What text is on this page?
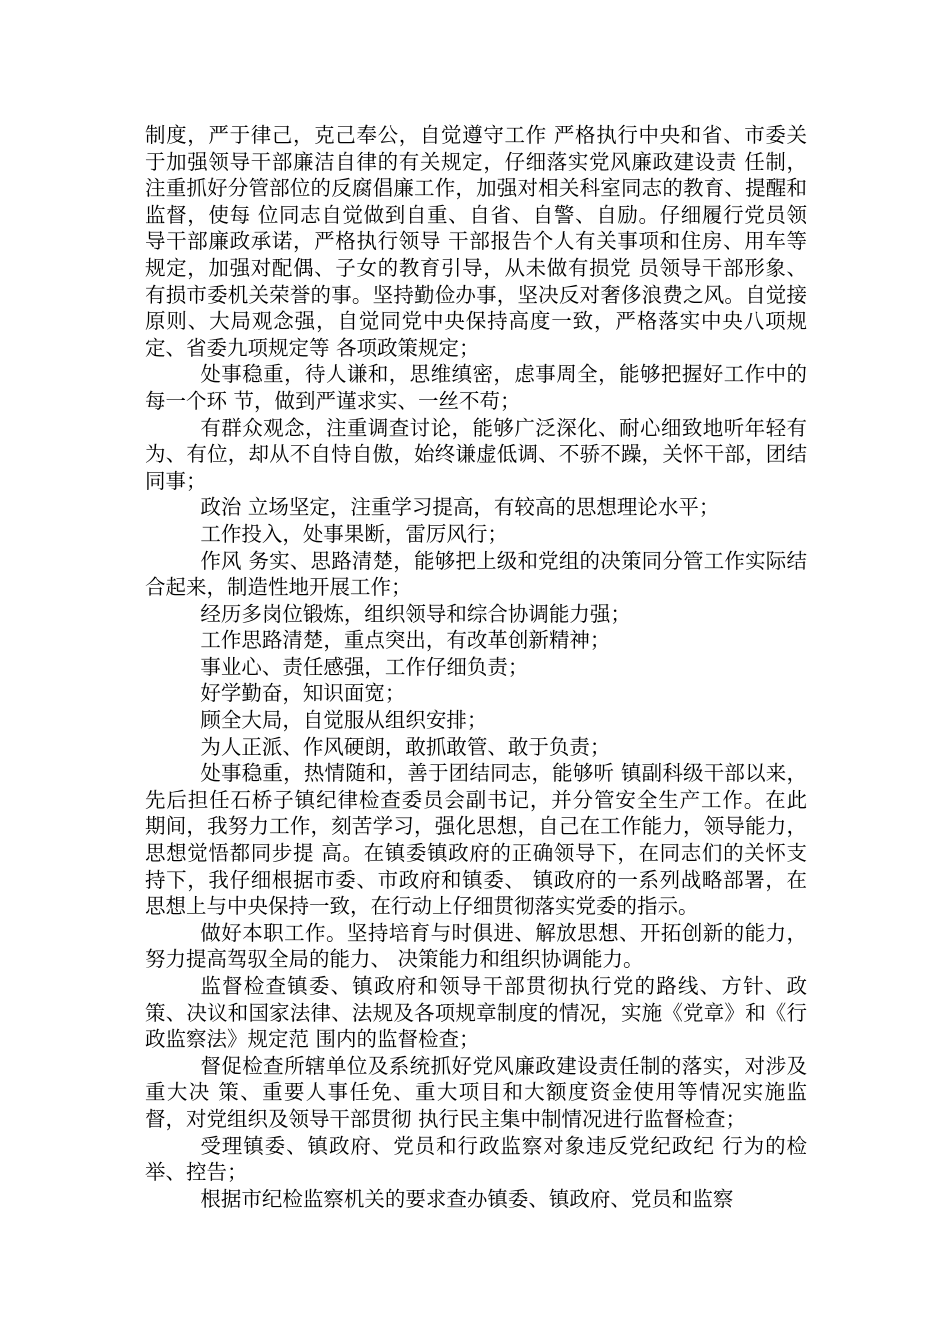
制度，严于律己，克己奉公，自觉遵守工作 严格执行中央和省、市委关于加强领导干部廉洁自律的有关规定，仔细落实党风廉政建设责 任制，注重抓好分管部位的反腐倡廉工作，加强对相关科室同志的教育、提醒和监督，使每 位同志自觉做到自重、自省、自警、自励。仔细履行党员领导干部廉政承诺，严格执行领导 干部报告个人有关事项和住房、用车等规定，加强对配偶、子女的教育引导，从未做有损党 员领导干部形象、有损市委机关荣誉的事。坚持勤俭办事，坚决反对奢侈浪费之风。自觉接 原则、大局观念强，自觉同党中央保持高度一致，严格落实中央八项规定、省委九项规定等 各项政策规定；

处事稳重，待人谦和，思维缜密，虑事周全，能够把握好工作中的每一个环 节，做到严谨求实、一丝不苟；

有群众观念，注重调查讨论，能够广泛深化、耐心细致地听年轻有为、有位，却从不自恃自傲，始终谦虚低调、不骄不躁，关怀干部，团结同事；

政治 立场坚定，注重学习提高，有较高的思想理论水平；

工作投入，处事果断，雷厉风行；

作风 务实、思路清楚，能够把上级和党组的决策同分管工作实际结合起来，制造性地开展工作；

经历多岗位锻炼，组织领导和综合协调能力强；

工作思路清楚，重点突出，有改革创新精神；

事业心、责任感强，工作仔细负责；

好学勤奋，知识面宽；

顾全大局，自觉服从组织安排；

为人正派、作风硬朗，敢抓敢管、敢于负责；

处事稳重，热情随和，善于团结同志，能够听 镇副科级干部以来，先后担任石桥子镇纪律检查委员会副书记，并分管安全生产工作。在此 期间，我努力工作，刻苦学习，强化思想，自己在工作能力，领导能力，思想觉悟都同步提 高。在镇委镇政府的正确领导下，在同志们的关怀支持下，我仔细根据市委、市政府和镇委、 镇政府的一系列战略部署，在思想上与中央保持一致，在行动上仔细贯彻落实党委的指示。

做好本职工作。坚持培育与时俱进、解放思想、开拓创新的能力，努力提高驾驭全局的能力、 决策能力和组织协调能力。

监督检查镇委、镇政府和领导干部贯彻执行党的路线、方针、政 策、决议和国家法律、法规及各项规章制度的情况，实施《党章》和《行政监察法》规定范 围内的监督检查；

督促检查所辖单位及系统抓好党风廉政建设责任制的落实，对涉及重大决 策、重要人事任免、重大项目和大额度资金使用等情况实施监督，对党组织及领导干部贯彻 执行民主集中制情况进行监督检查；

受理镇委、镇政府、党员和行政监察对象违反党纪政纪 行为的检举、控告；

根据市纪检监察机关的要求查办镇委、镇政府、党员和监察
